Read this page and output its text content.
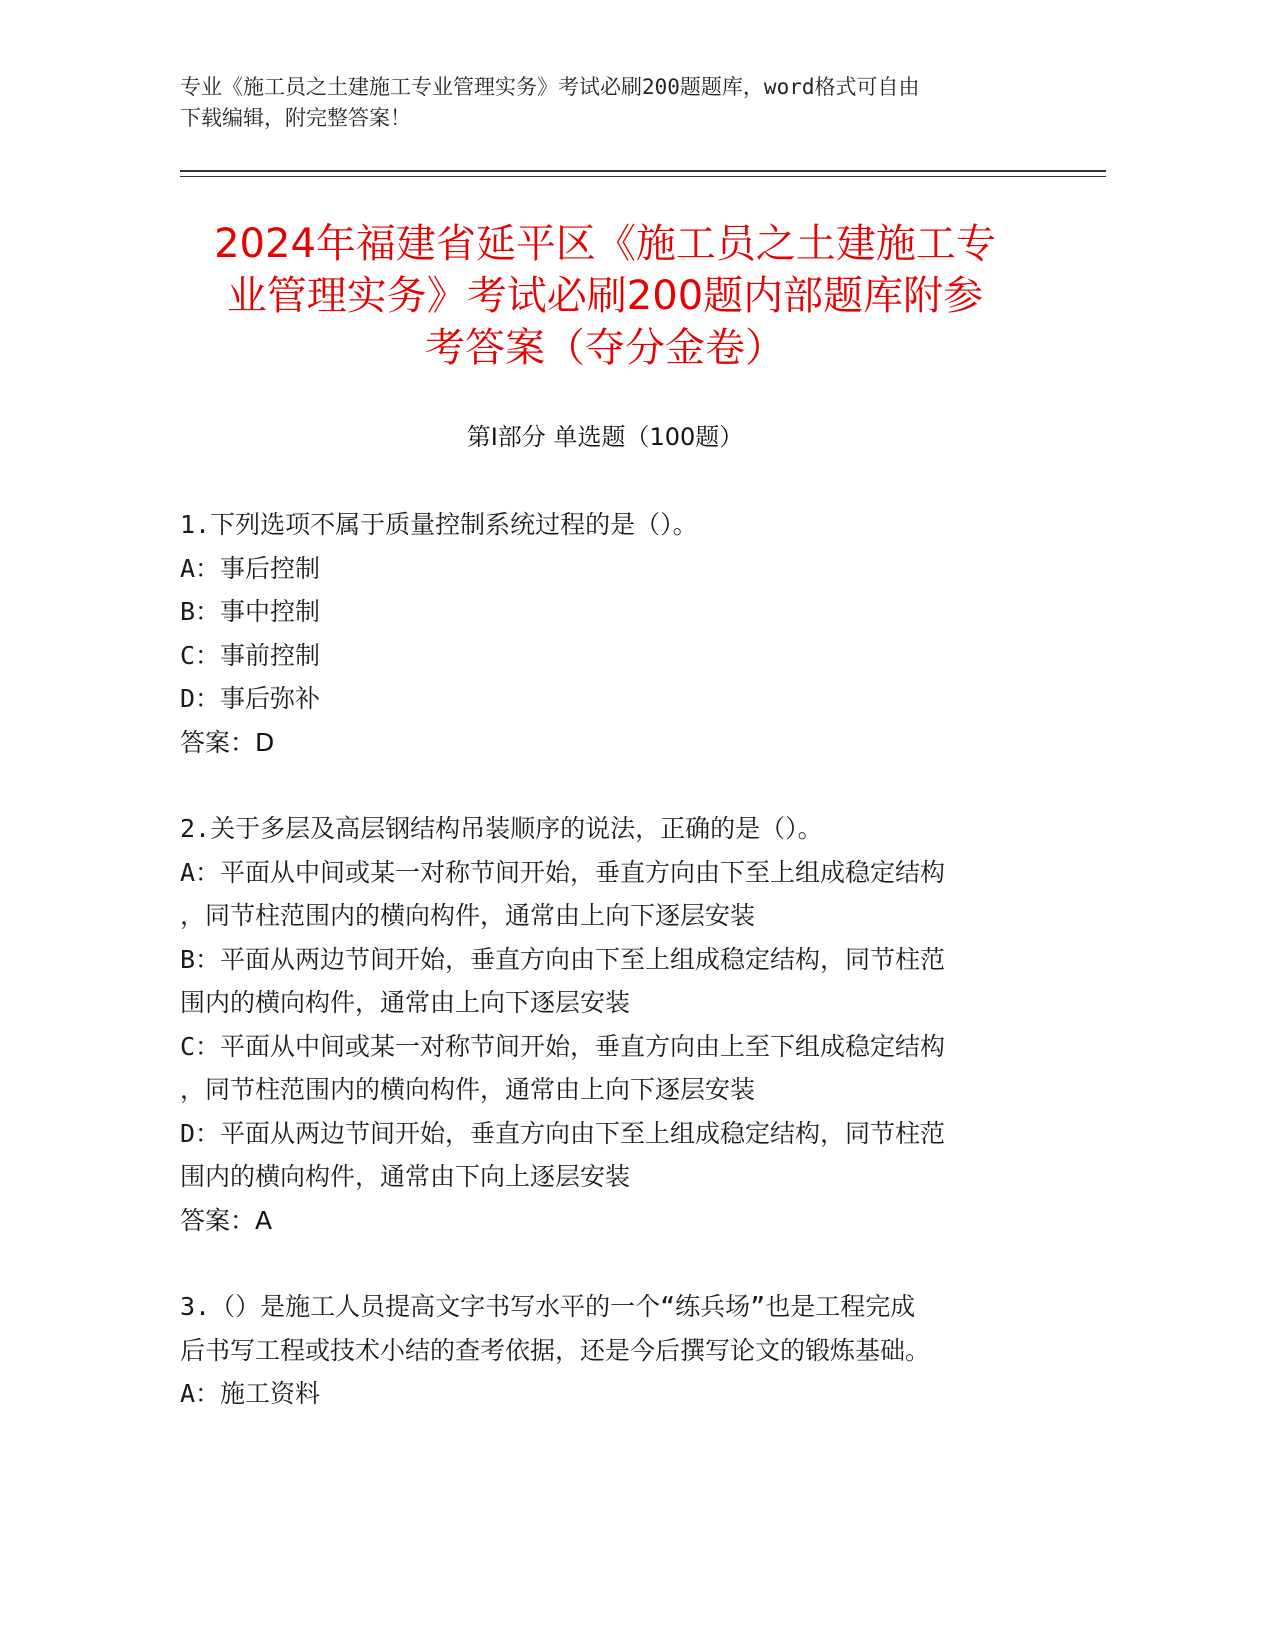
专业《施工员之土建施工专业管理实务》考试必刷200题题库，word格式可自由
下载编辑，附完整答案！
2024年福建省延平区《施工员之土建施工专
业管理实务》考试必刷200题内部题库附参
考答案（夺分金卷）
第Ⅰ部分 单选题（100题）
1.下列选项不属于质量控制系统过程的是（）。
A：事后控制
B：事中控制
C：事前控制
D：事后弥补
答案：D
2.关于多层及高层钢结构吊装顺序的说法，正确的是（）。
A：平面从中间或某一对称节间开始，垂直方向由下至上组成稳定结构
，同节柱范围内的横向构件，通常由上向下逐层安装
B：平面从两边节间开始，垂直方向由下至上组成稳定结构，同节柱范
围内的横向构件，通常由上向下逐层安装
C：平面从中间或某一对称节间开始，垂直方向由上至下组成稳定结构
，同节柱范围内的横向构件，通常由上向下逐层安装
D：平面从两边节间开始，垂直方向由下至上组成稳定结构，同节柱范
围内的横向构件，通常由下向上逐层安装
答案：A
3.（）是施工人员提高文字书写水平的一个“练兵场”也是工程完成
后书写工程或技术小结的查考依据，还是今后撰写论文的锻炼基础。
A：施工资料
